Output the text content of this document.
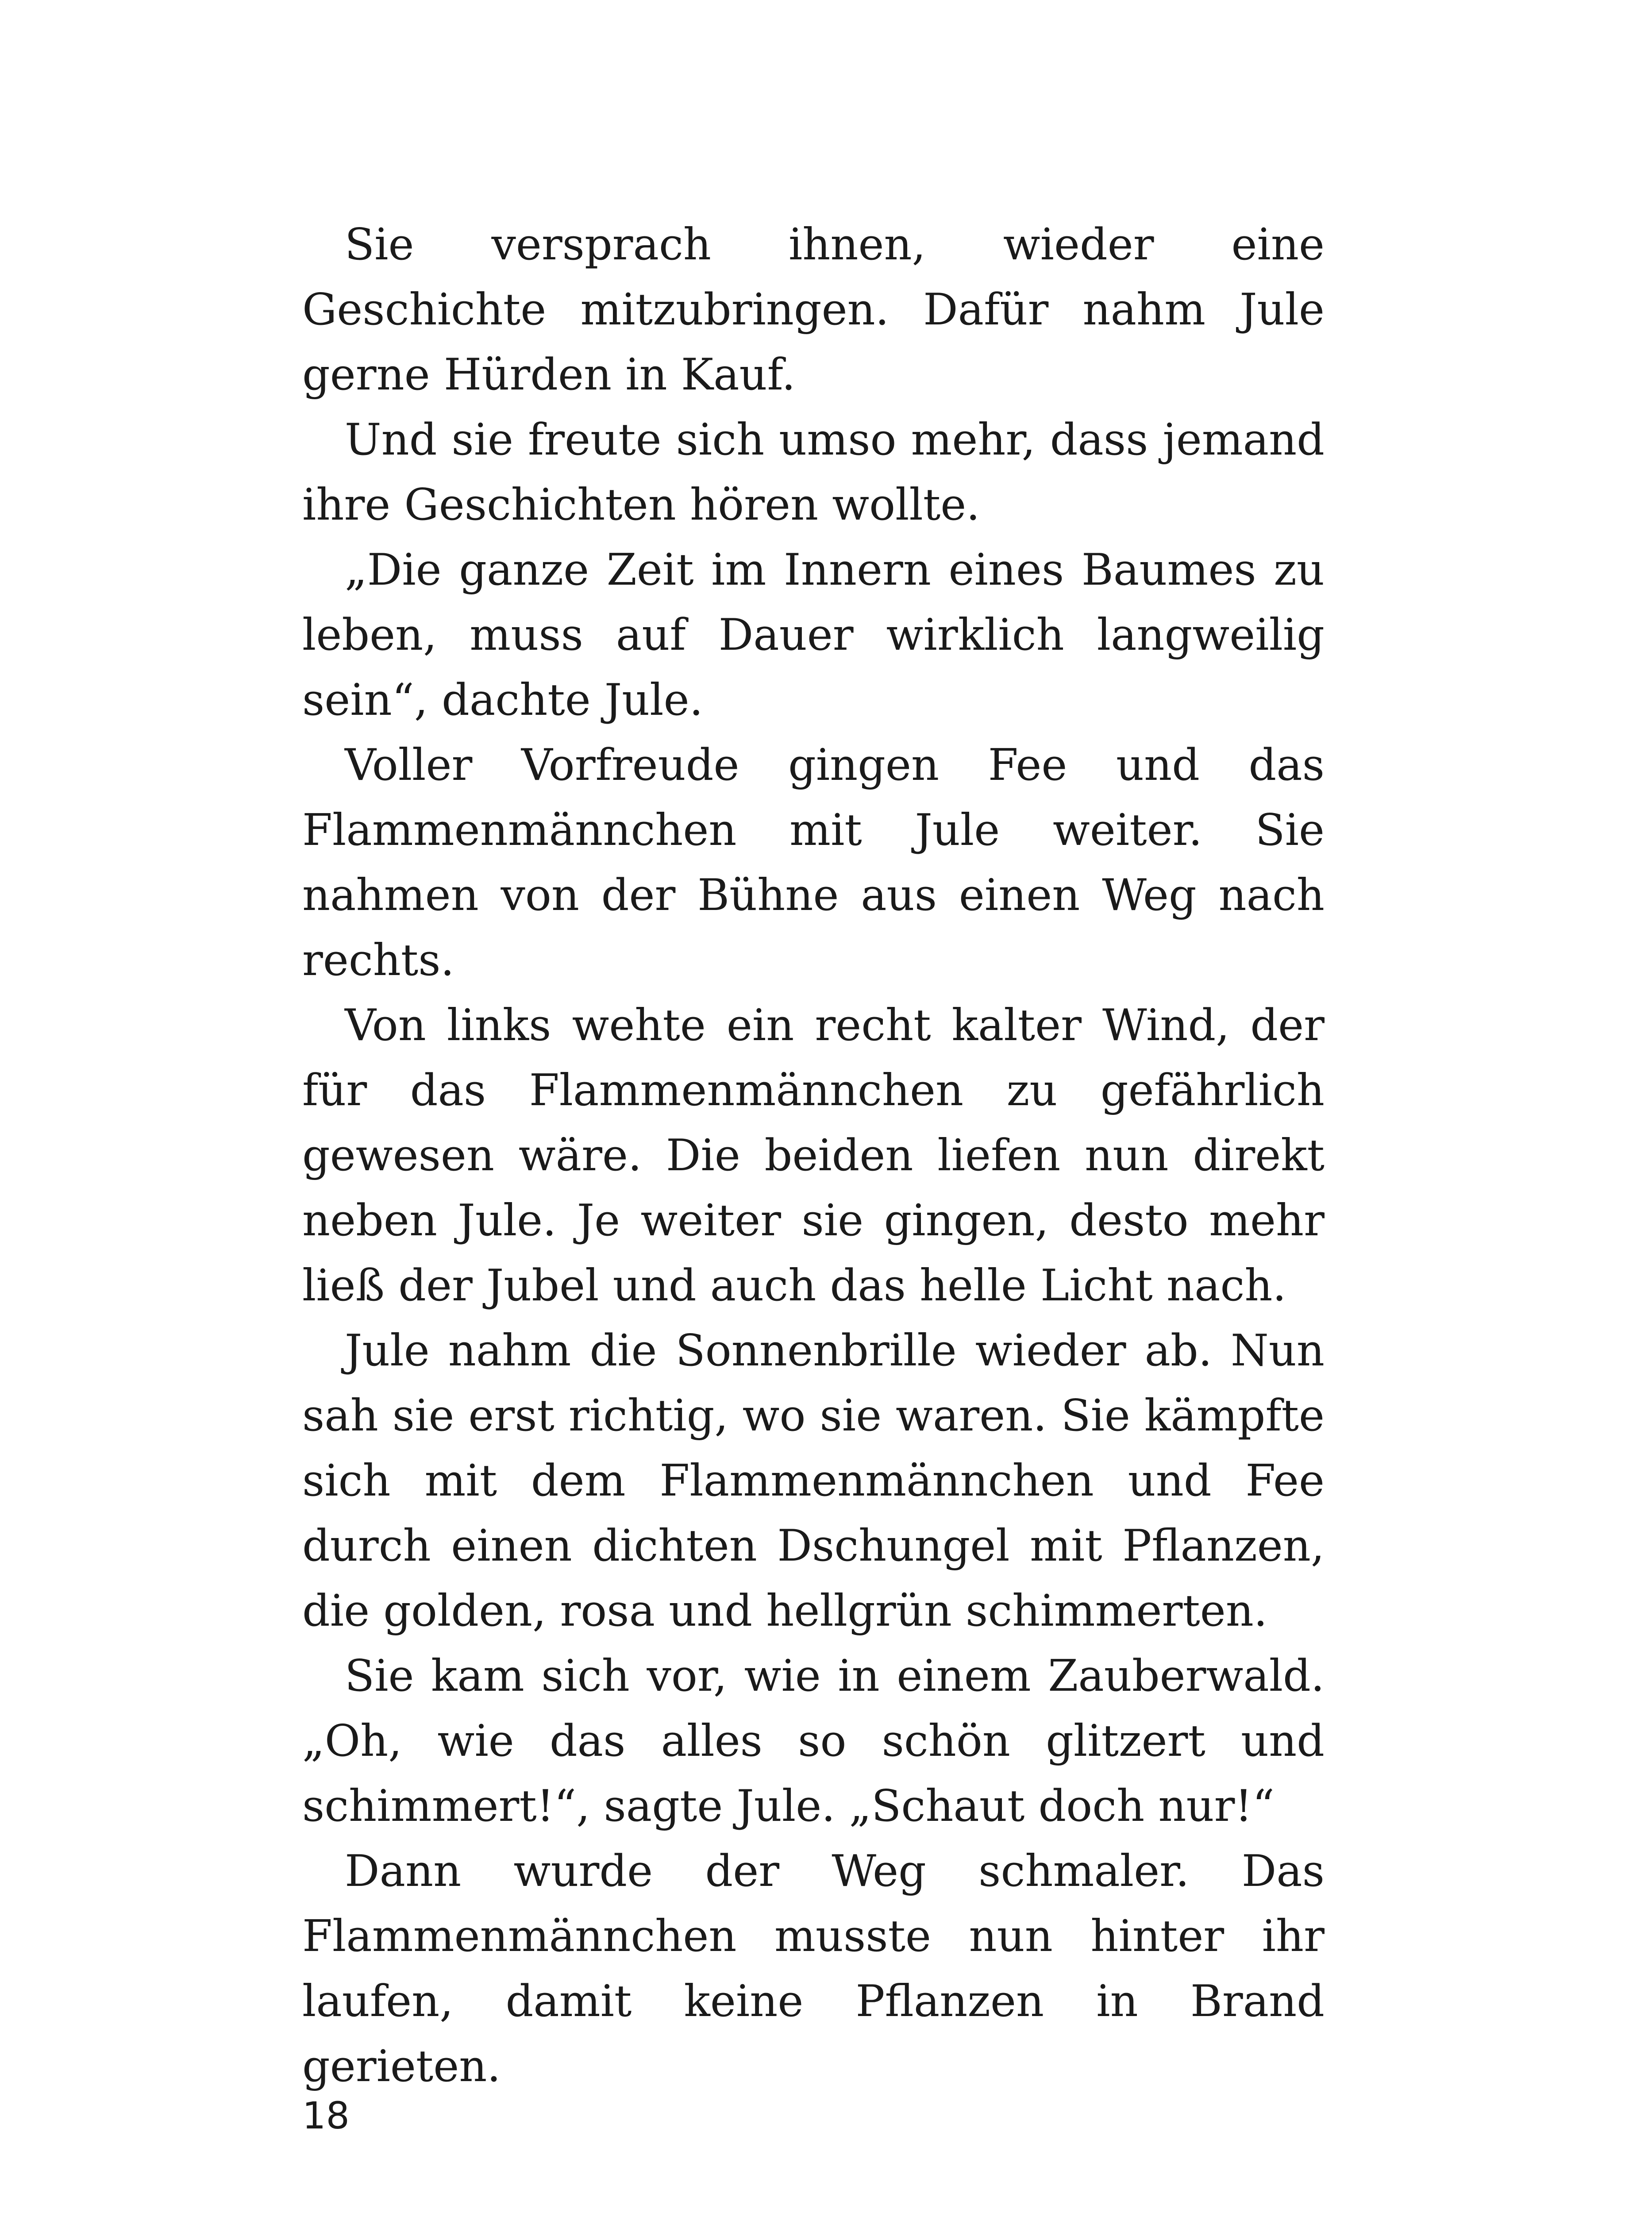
Sie versprach ihnen, wieder eine Geschichte mitzubringen. Dafür nahm Jule gerne Hürden in Kauf.

Und sie freute sich umso mehr, dass jemand ihre Geschichten hören wollte.

„Die ganze Zeit im Innern eines Baumes zu leben, muss auf Dauer wirklich langweilig sein“, dachte Jule.

Voller Vorfreude gingen Fee und das Flammenmännchen mit Jule weiter. Sie nahmen von der Bühne aus einen Weg nach rechts.

Von links wehte ein recht kalter Wind, der für das Flammenmännchen zu gefährlich gewesen wäre. Die beiden liefen nun direkt neben Jule. Je weiter sie gingen, desto mehr ließ der Jubel und auch das helle Licht nach.

Jule nahm die Sonnenbrille wieder ab. Nun sah sie erst richtig, wo sie waren. Sie kämpfte sich mit dem Flammenmännchen und Fee durch einen dichten Dschungel mit Pflanzen, die golden, rosa und hellgrün schimmerten.

Sie kam sich vor, wie in einem Zauberwald. „Oh, wie das alles so schön glitzert und schimmert!“, sagte Jule. „Schaut doch nur!“

Dann wurde der Weg schmaler. Das Flammenmännchen musste nun hinter ihr laufen, damit keine Pflanzen in Brand gerieten.

18
